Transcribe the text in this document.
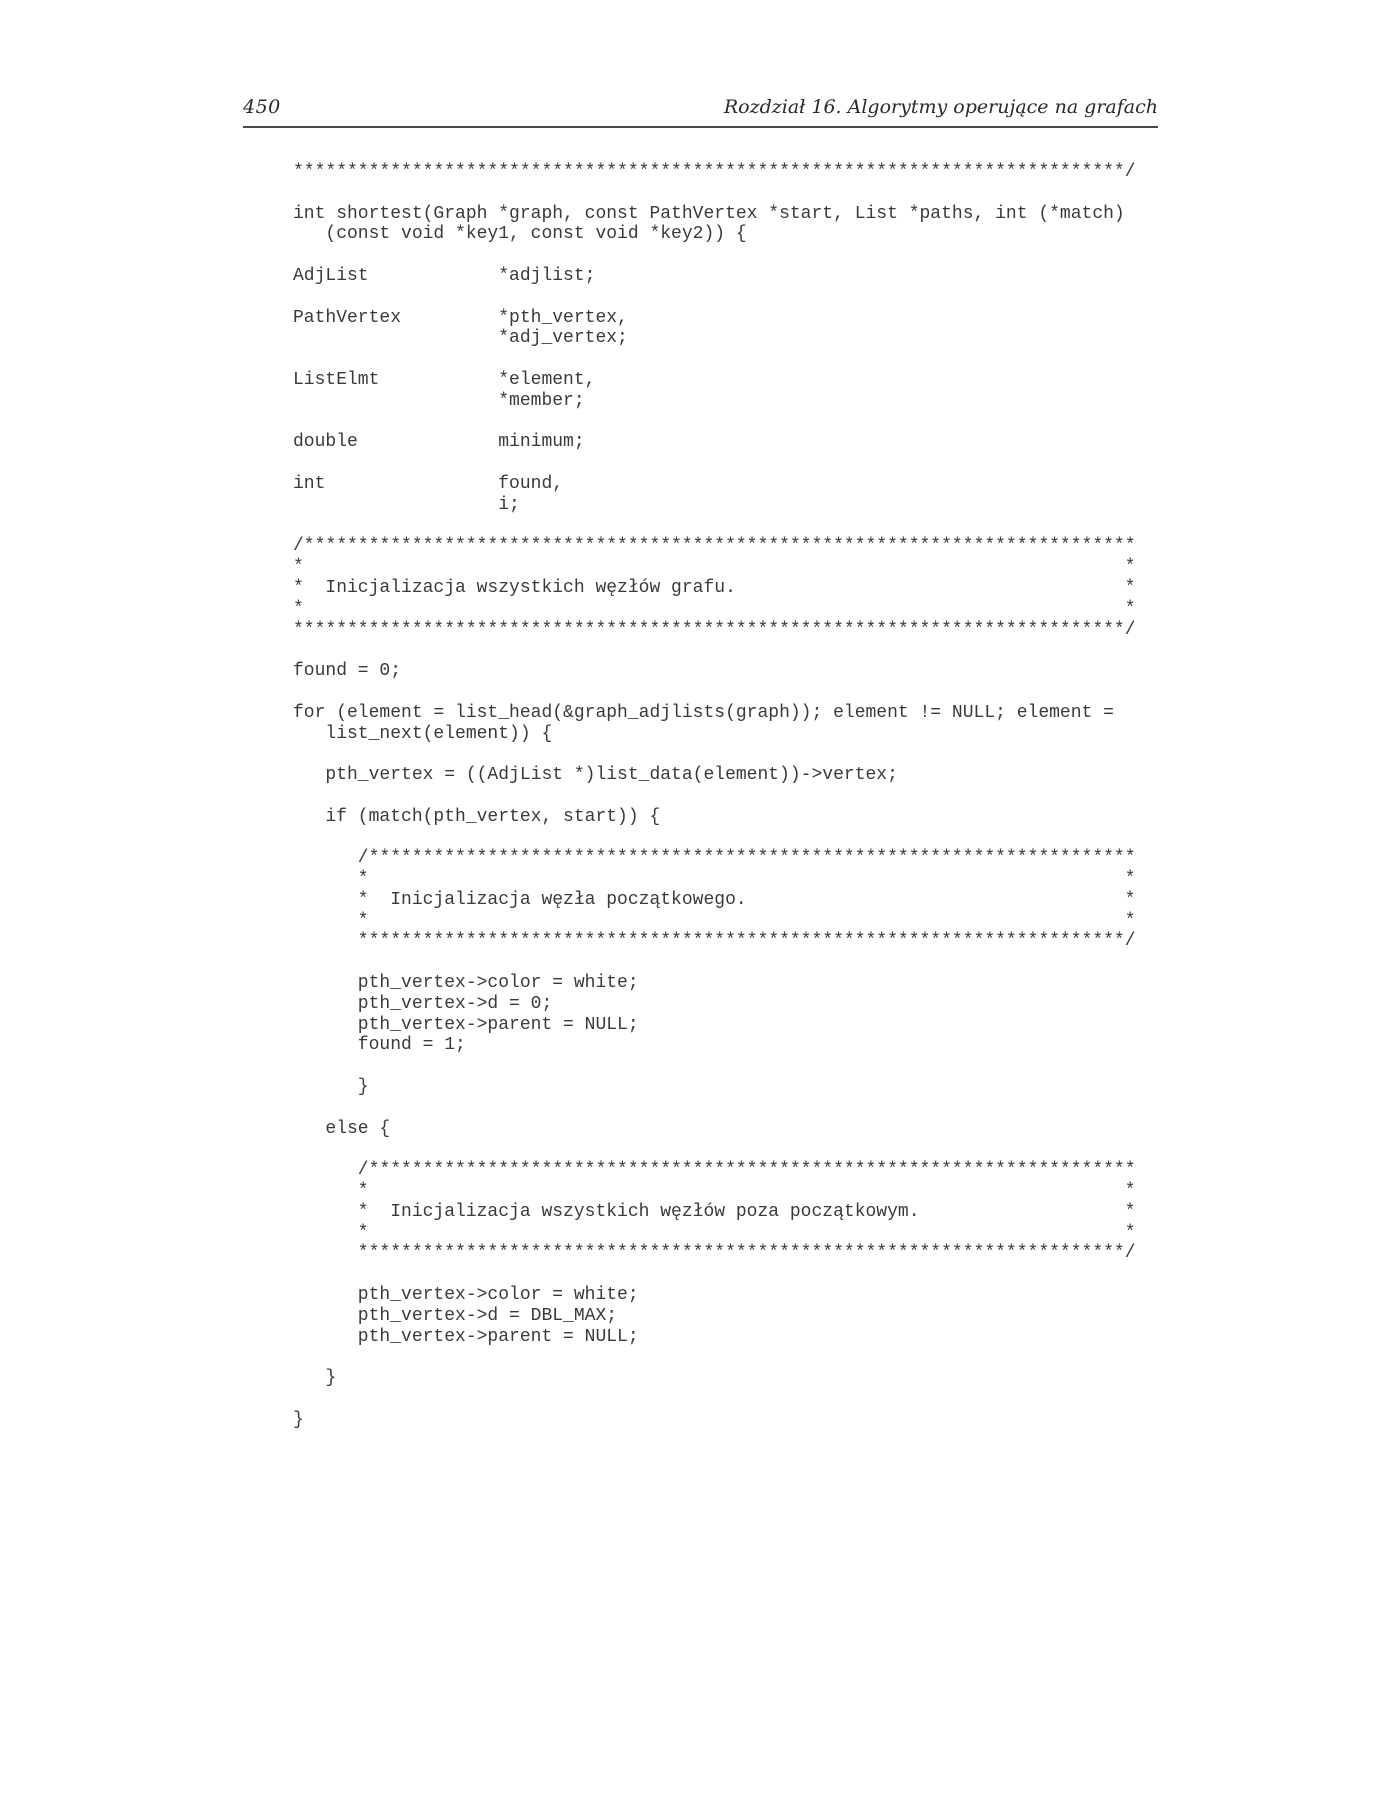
450	Rozdział 16. Algorytmy operujące na grafach
*****************************************************************************/
int shortest(Graph *graph, const PathVertex *start, List *paths, int (*match)
(const void *key1, const void *key2)) {
AdjList            *adjlist;
PathVertex         *pth_vertex,
*adj_vertex;
ListElmt           *element,
*member;
double             minimum;
int                found,
i;
/*****************************************************************************
*                                                                            *
*  Inicjalizacja wszystkich węzłów grafu.                                    *
*                                                                            *
*****************************************************************************/
found = 0;
for (element = list_head(&graph_adjlists(graph)); element != NULL; element =
list_next(element)) {
pth_vertex = ((AdjList *)list_data(element))->vertex;
if (match(pth_vertex, start)) {
/***********************************************************************
*                                                                      *
*  Inicjalizacja węzła początkowego.                                   *
*                                                                      *
***********************************************************************/
pth_vertex->color = white;
pth_vertex->d = 0;
pth_vertex->parent = NULL;
found = 1;
}
else {
/***********************************************************************
*                                                                      *
*  Inicjalizacja wszystkich węzłów poza początkowym.                   *
*                                                                      *
***********************************************************************/
pth_vertex->color = white;
pth_vertex->d = DBL_MAX;
pth_vertex->parent = NULL;
}
}
